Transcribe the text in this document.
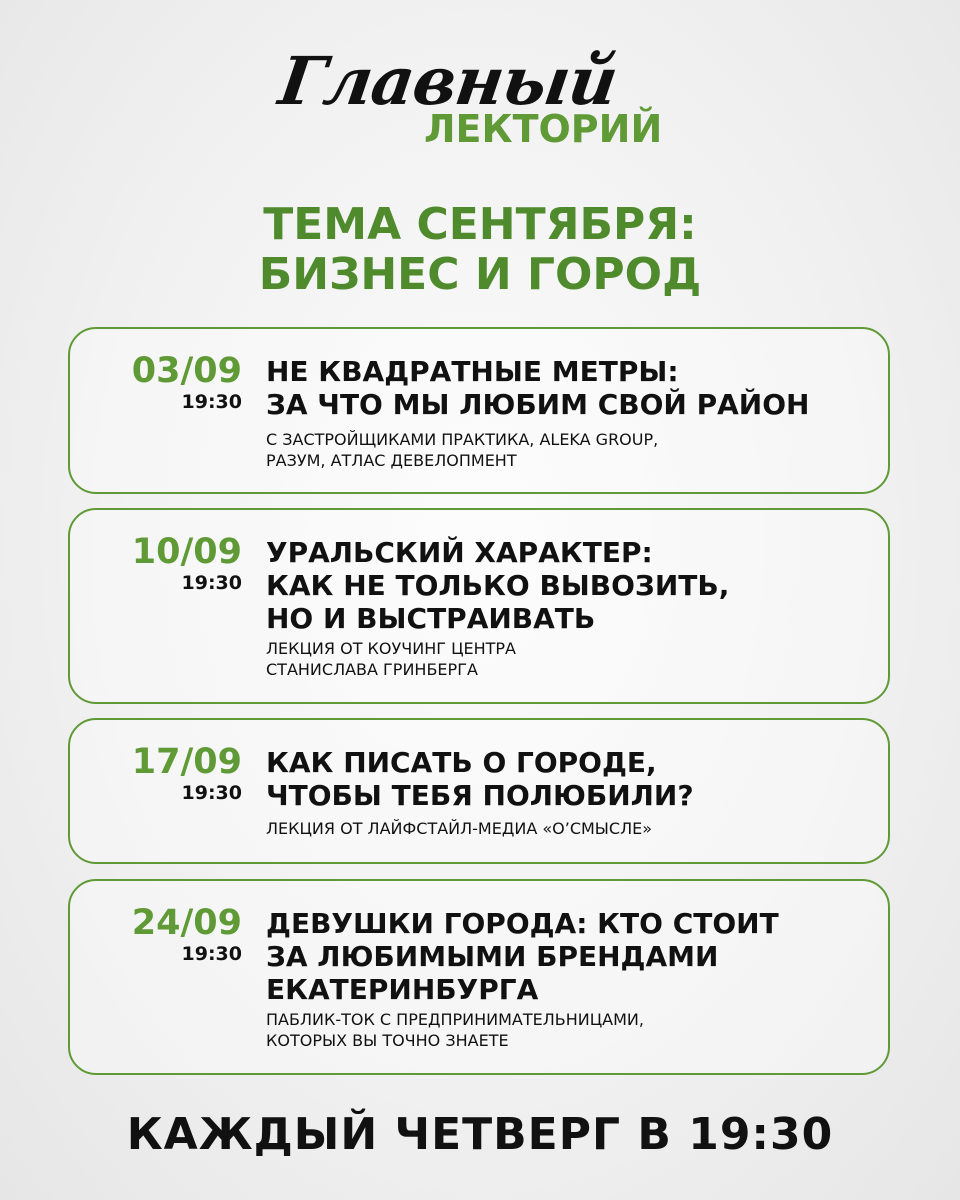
Главный
ЛЕКТОРИЙ
ТЕМА СЕНТЯБРЯ:
БИЗНЕС И ГОРОД
03/09
19:30
НЕ КВАДРАТНЫЕ МЕТРЫ:
ЗА ЧТО МЫ ЛЮБИМ СВОЙ РАЙОН
С ЗАСТРОЙЩИКАМИ ПРАКТИКА, ALEKA GROUP,
РАЗУМ, АТЛАС ДЕВЕЛОПМЕНТ
10/09
19:30
УРАЛЬСКИЙ ХАРАКТЕР:
КАК НЕ ТОЛЬКО ВЫВОЗИТЬ,
НО И ВЫСТРАИВАТЬ
ЛЕКЦИЯ ОТ КОУЧИНГ ЦЕНТРА
СТАНИСЛАВА ГРИНБЕРГА
17/09
19:30
КАК ПИСАТЬ О ГОРОДЕ,
ЧТОБЫ ТЕБЯ ПОЛЮБИЛИ?
ЛЕКЦИЯ ОТ ЛАЙФСТАЙЛ-МЕДИА «О’СМЫСЛЕ»
24/09
19:30
ДЕВУШКИ ГОРОДА: КТО СТОИТ
ЗА ЛЮБИМЫМИ БРЕНДАМИ
ЕКАТЕРИНБУРГА
ПАБЛИК-ТОК С ПРЕДПРИНИМАТЕЛЬНИЦАМИ,
КОТОРЫХ ВЫ ТОЧНО ЗНАЕТЕ
КАЖДЫЙ ЧЕТВЕРГ В 19:30
